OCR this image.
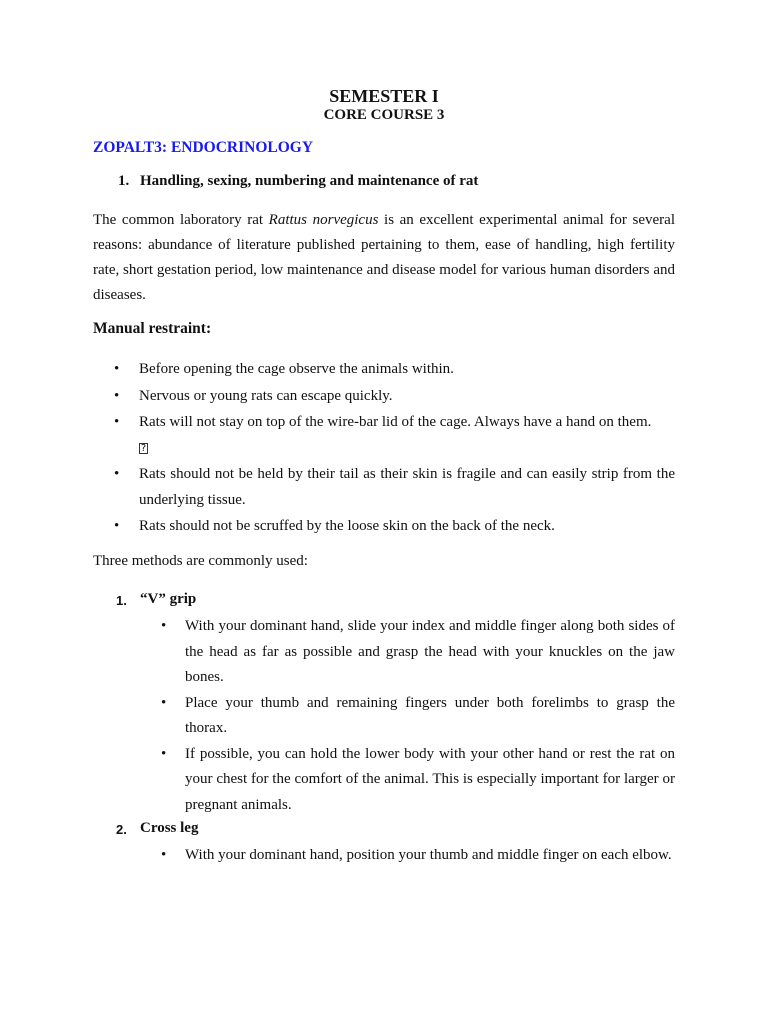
SEMESTER I
CORE COURSE 3
ZOPALT3: ENDOCRINOLOGY
1. Handling, sexing, numbering and maintenance of rat

The common laboratory rat Rattus norvegicus is an excellent experimental animal for several reasons: abundance of literature published pertaining to them, ease of handling, high fertility rate, short gestation period, low maintenance and disease model for various human disorders and diseases.

Manual restraint:
• Before opening the cage observe the animals within.
• Nervous or young rats can escape quickly.
• Rats will not stay on top of the wire-bar lid of the cage. Always have a hand on them.
?
• Rats should not be held by their tail as their skin is fragile and can easily strip from the underlying tissue.
• Rats should not be scruffed by the loose skin on the back of the neck.
Three methods are commonly used:
1. “V” grip
• With your dominant hand, slide your index and middle finger along both sides of the head as far as possible and grasp the head with your knuckles on the jaw bones.
• Place your thumb and remaining fingers under both forelimbs to grasp the thorax.
• If possible, you can hold the lower body with your other hand or rest the rat on your chest for the comfort of the animal. This is especially important for larger or pregnant animals.
2. Cross leg
• With your dominant hand, position your thumb and middle finger on each elbow.
